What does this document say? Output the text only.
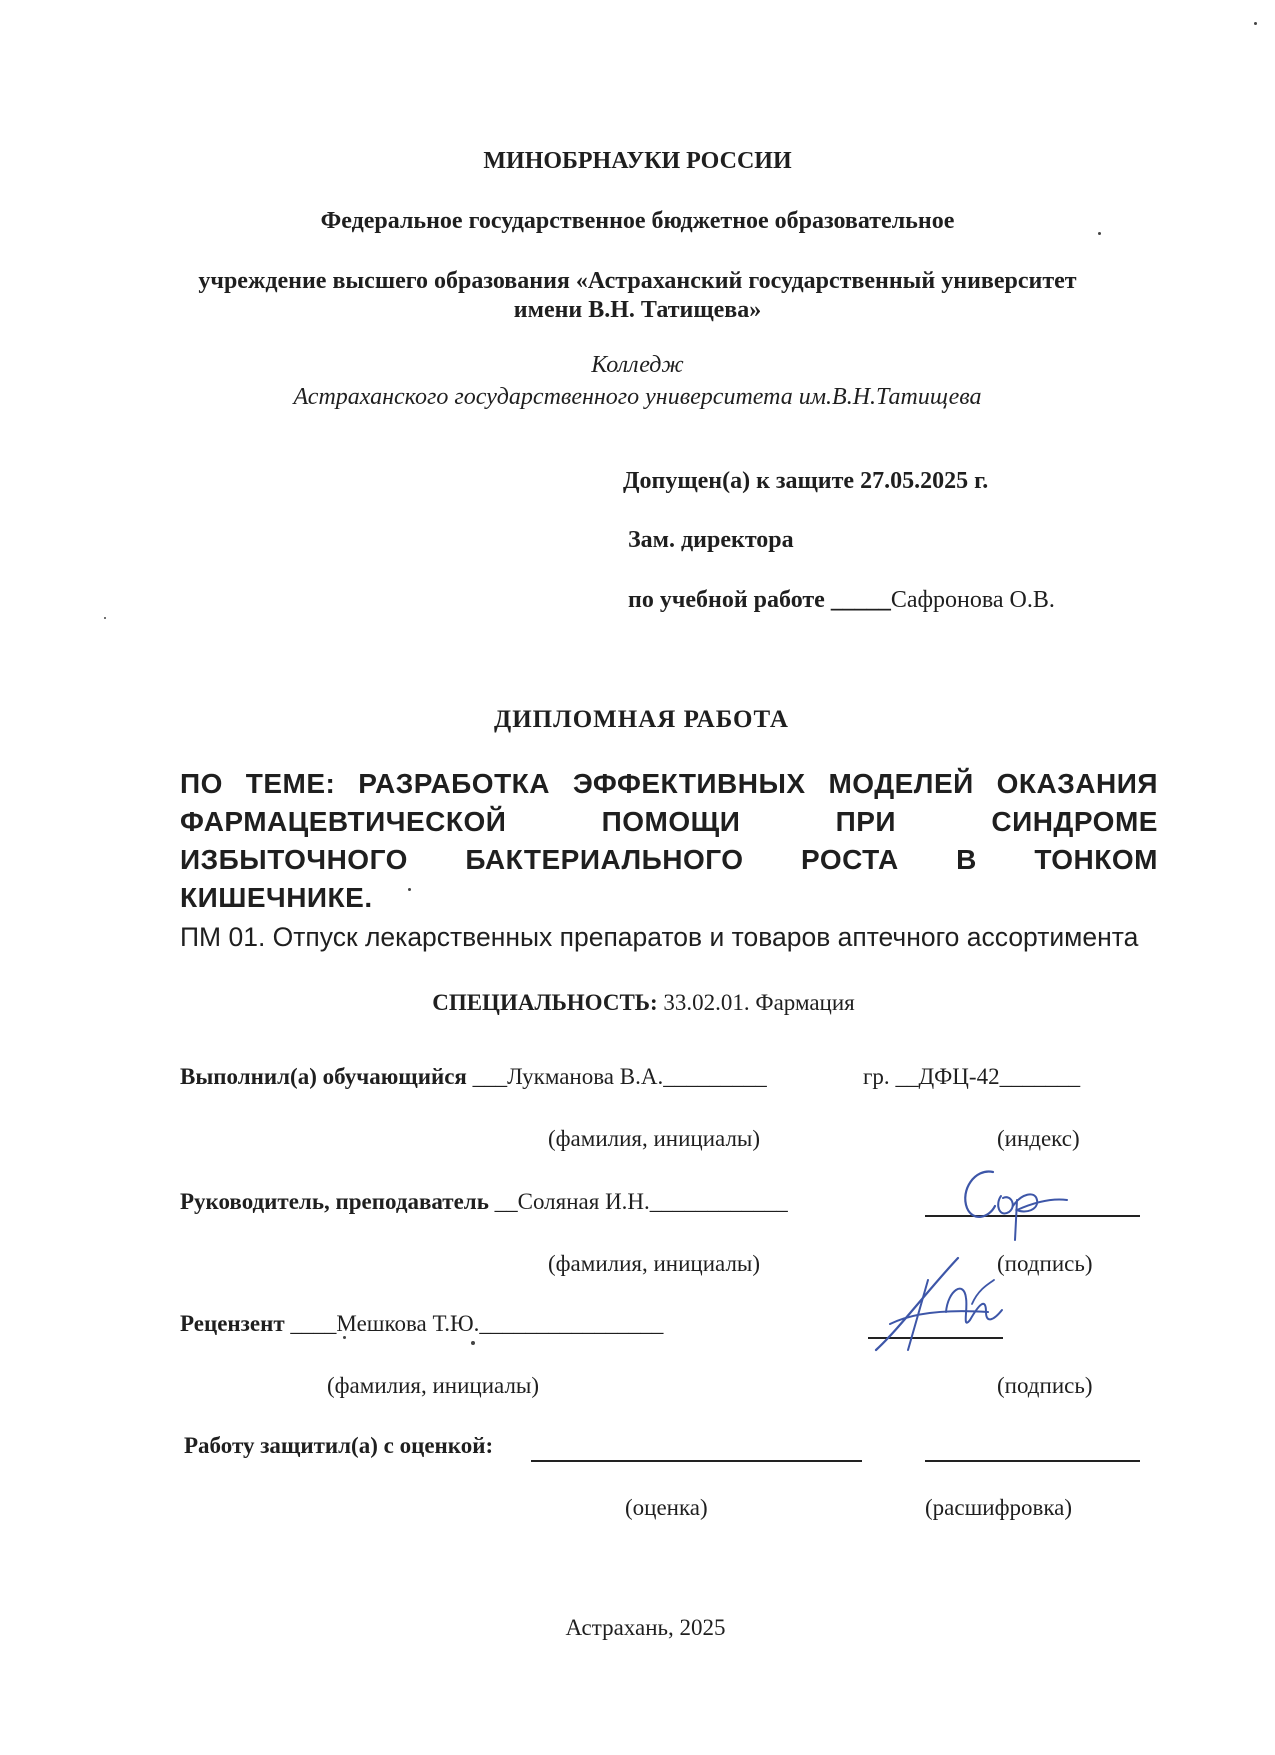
МИНОБРНАУКИ РОССИИ
Федеральное государственное бюджетное образовательное
учреждение высшего образования «Астраханский государственный университет
имени В.Н. Татищева»
Колледж
Астраханского государственного университета им.В.Н.Татищева
Допущен(а) к защите 27.05.2025 г.
Зам. директора
по учебной работе _____Сафронова О.В.
ДИПЛОМНАЯ РАБОТА
ПО ТЕМЕ: РАЗРАБОТКА ЭФФЕКТИВНЫХ МОДЕЛЕЙ ОКАЗАНИЯ
ФАРМАЦЕВТИЧЕСКОЙ	ПОМОЩИ	ПРИ	СИНДРОМЕ
ИЗБЫТОЧНОГО БАКТЕРИАЛЬНОГО РОСТА В ТОНКОМ
КИШЕЧНИКЕ.
ПМ 01. Отпуск лекарственных препаратов и товаров аптечного ассортимента
СПЕЦИАЛЬНОСТЬ: 33.02.01. Фармация
Выполнил(а) обучающийся ___Лукманова В.А._________	гр. __ДФЦ-42_______
(фамилия, инициалы)	(индекс)
Руководитель, преподаватель __Соляная И.Н.____________
(фамилия, инициалы)	(подпись)
Рецензент ____Мешкова Т.Ю.________________
(фамилия, инициалы)	(подпись)
Работу защитил(а) с оценкой:
(оценка)	(расшифровка)
Астрахань, 2025
